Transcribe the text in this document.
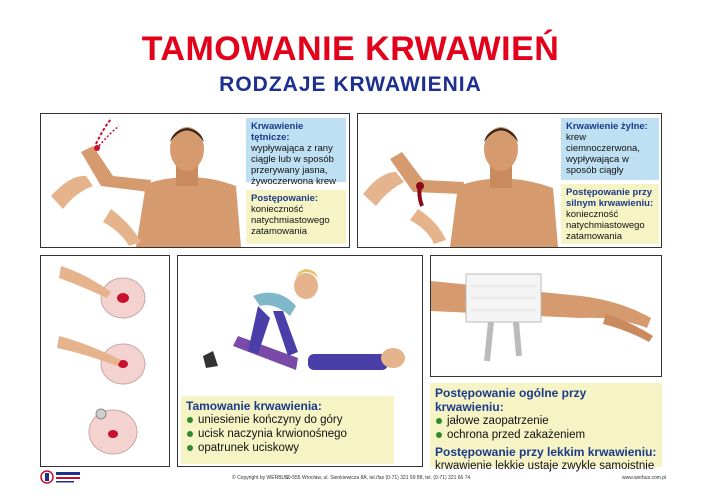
TAMOWANIE KRWAWIEŃ
RODZAJE KRWAWIENIA
Krwawienie tętnicze:
wypływająca z rany ciągle lub w sposób przerywany jasna, żywoczerwona krew
Postępowanie:
konieczność natychmiastowego zatamowania
Krwawienie żylne:
krew ciemnoczerwona, wypływająca w sposób ciągły
Postępowanie przy silnym krwawieniu:
konieczność natychmiastowego zatamowania
Tamowanie krwawienia:
uniesienie kończyny do góry
ucisk naczynia krwionośnego
opatrunek uciskowy
Postępowanie ogólne przy krwawieniu:
jałowe zaopatrzenie
ochrona przed zakażeniem
Postępowanie przy lekkim krwawieniu:
krwawienie lekkie ustaje zwykle samoistnie
© Copyright by WERBUS
50-555 Wrocław, ul. Sienkiewicza 8A, tel./fax (0-71) 321 69 88, tel. (0-71) 321 66 74	www.werbus.com.pl
